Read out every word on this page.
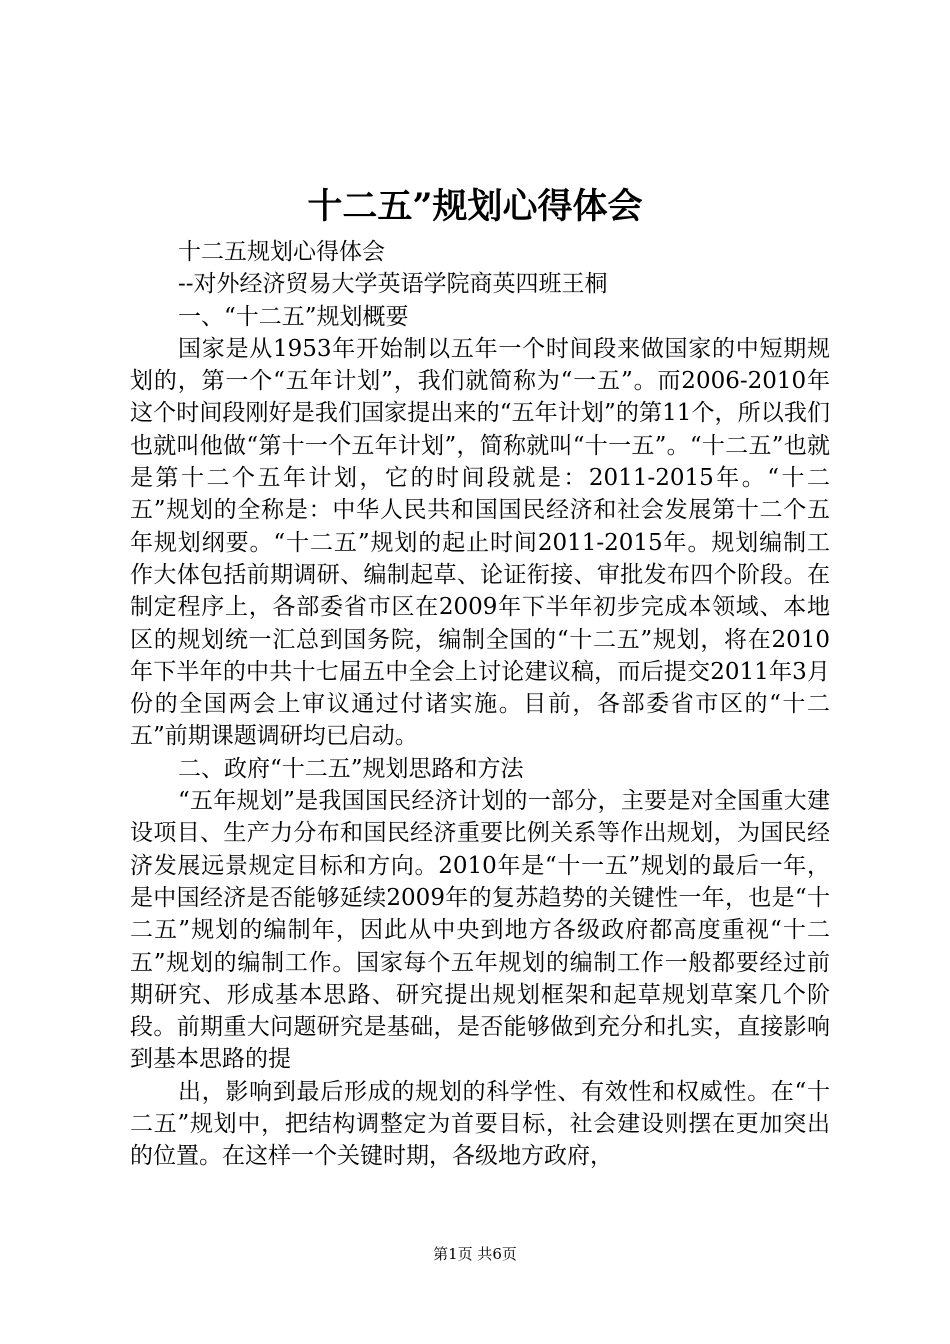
十二五”规划心得体会

十二五规划心得体会

--对外经济贸易大学英语学院商英四班王桐

一、“十二五”规划概要

国家是从1953年开始制以五年一个时间段来做国家的中短期规划的，第一个“五年计划”，我们就简称为“一五”。而2006-2010年这个时间段刚好是我们国家提出来的“五年计划”的第11个，所以我们也就叫他做“第十一个五年计划”，简称就叫“十一五”。“十二五”也就是第十二个五年计划，它的时间段就是：2011-2015年。“十二五”规划的全称是：中华人民共和国国民经济和社会发展第十二个五年规划纲要。“十二五”规划的起止时间2011-2015年。规划编制工作大体包括前期调研、编制起草、论证衔接、审批发布四个阶段。在制定程序上，各部委省市区在2009年下半年初步完成本领域、本地区的规划统一汇总到国务院，编制全国的“十二五”规划，将在2010年下半年的中共十七届五中全会上讨论建议稿，而后提交2011年3月份的全国两会上审议通过付诸实施。目前，各部委省市区的“十二五”前期课题调研均已启动。

二、政府“十二五”规划思路和方法

“五年规划”是我国国民经济计划的一部分，主要是对全国重大建设项目、生产力分布和国民经济重要比例关系等作出规划，为国民经济发展远景规定目标和方向。2010年是“十一五”规划的最后一年，是中国经济是否能够延续2009年的复苏趋势的关键性一年，也是“十二五”规划的编制年，因此从中央到地方各级政府都高度重视“十二五”规划的编制工作。国家每个五年规划的编制工作一般都要经过前期研究、形成基本思路、研究提出规划框架和起草规划草案几个阶段。前期重大问题研究是基础，是否能够做到充分和扎实，直接影响到基本思路的提

出，影响到最后形成的规划的科学性、有效性和权威性。在“十二五”规划中，把结构调整定为首要目标，社会建设则摆在更加突出的位置。在这样一个关键时期，各级地方政府，

第1页 共6页
